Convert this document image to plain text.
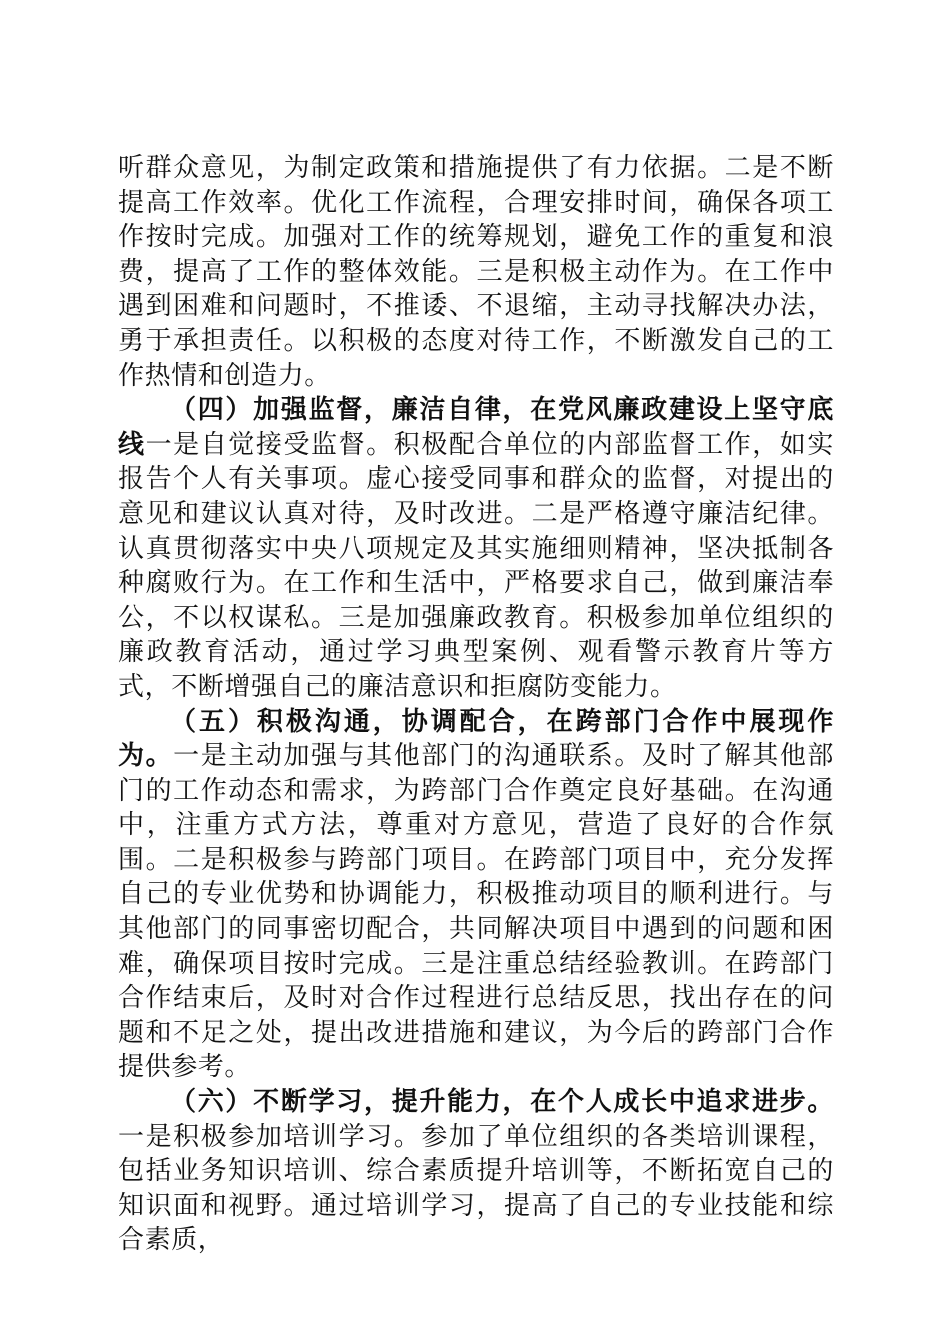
听群众意见，为制定政策和措施提供了有力依据。二是不断提高工作效率。优化工作流程，合理安排时间，确保各项工作按时完成。加强对工作的统筹规划，避免工作的重复和浪费，提高了工作的整体效能。三是积极主动作为。在工作中遇到困难和问题时，不推诿、不退缩，主动寻找解决办法，勇于承担责任。以积极的态度对待工作，不断激发自己的工作热情和创造力。

（四）加强监督，廉洁自律，在党风廉政建设上坚守底线一是自觉接受监督。积极配合单位的内部监督工作，如实报告个人有关事项。虚心接受同事和群众的监督，对提出的意见和建议认真对待，及时改进。二是严格遵守廉洁纪律。认真贯彻落实中央八项规定及其实施细则精神，坚决抵制各种腐败行为。在工作和生活中，严格要求自己，做到廉洁奉公，不以权谋私。三是加强廉政教育。积极参加单位组织的廉政教育活动，通过学习典型案例、观看警示教育片等方式，不断增强自己的廉洁意识和拒腐防变能力。

（五）积极沟通，协调配合，在跨部门合作中展现作为。一是主动加强与其他部门的沟通联系。及时了解其他部门的工作动态和需求，为跨部门合作奠定良好基础。在沟通中，注重方式方法，尊重对方意见，营造了良好的合作氛围。二是积极参与跨部门项目。在跨部门项目中，充分发挥自己的专业优势和协调能力，积极推动项目的顺利进行。与其他部门的同事密切配合，共同解决项目中遇到的问题和困难，确保项目按时完成。三是注重总结经验教训。在跨部门合作结束后，及时对合作过程进行总结反思，找出存在的问题和不足之处，提出改进措施和建议，为今后的跨部门合作提供参考。

（六）不断学习，提升能力，在个人成长中追求进步。一是积极参加培训学习。参加了单位组织的各类培训课程，包括业务知识培训、综合素质提升培训等，不断拓宽自己的知识面和视野。通过培训学习，提高了自己的专业技能和综合素质，
